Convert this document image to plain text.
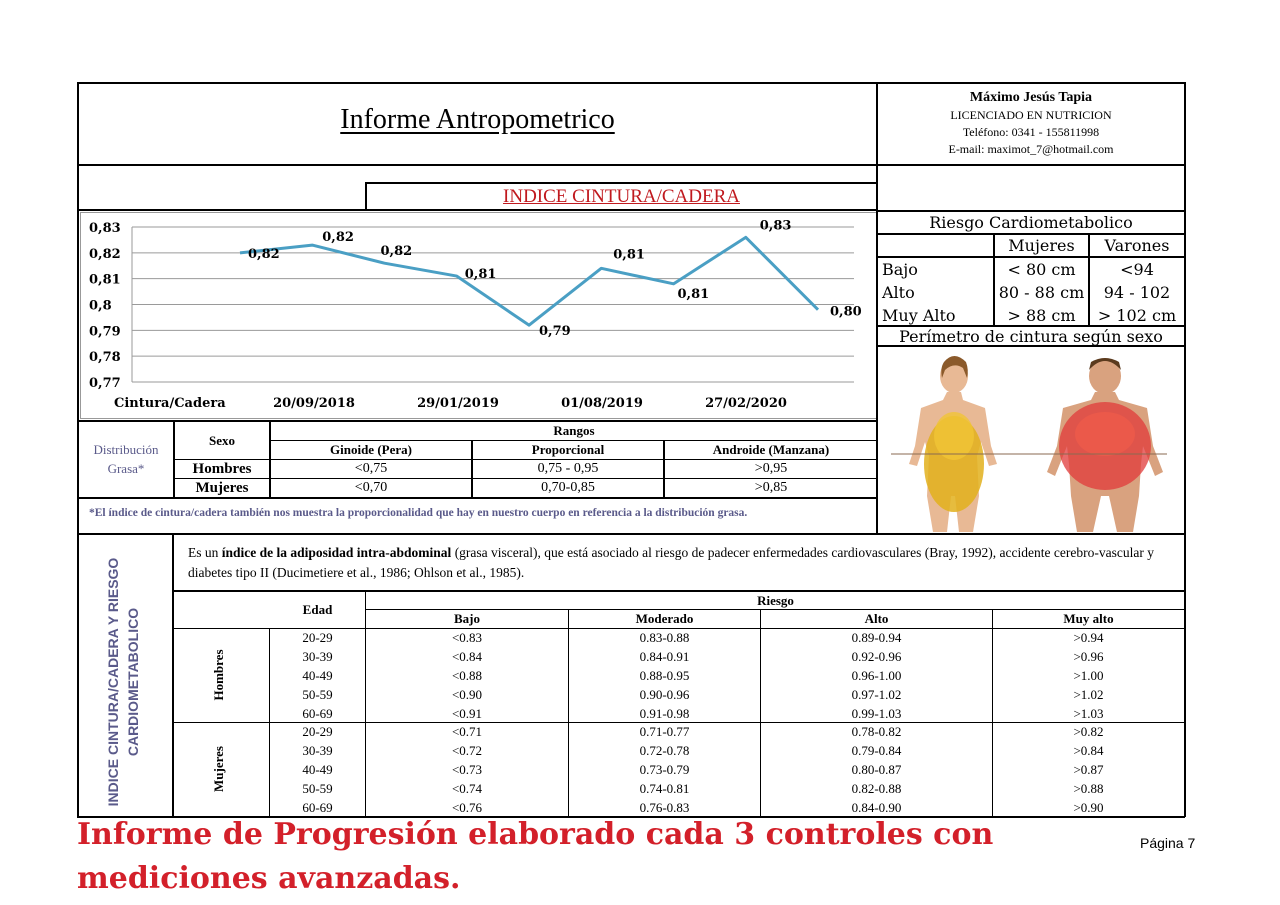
Informe Antropometrico
Máximo Jesús Tapia
LICENCIADO EN NUTRICION
Teléfono: 0341 - 155811998
E-mail: maximot_7@hotmail.com
INDICE CINTURA/CADERA
0,83
0,82
0,81
0,8
0,79
0,78
0,77
Cintura/Cadera	20/09/2018	29/01/2019	01/08/2019	27/02/2020
0,82
0,82
0,82
0,81
0,79
0,81
0,81
0,83
0,80
Riesgo Cardiometabolico
Mujeres	Varones
Bajo	< 80 cm	<94
Alto	80 - 88 cm	94 - 102
Muy Alto	> 88 cm	> 102 cm
Perímetro de cintura según sexo
Distribución
Grasa*
Sexo
Rangos
Ginoide (Pera)	Proporcional	Androide (Manzana)
Hombres	<0,75	0,75 - 0,95	>0,95
Mujeres	<0,70	0,70-0,85	>0,85
*El índice de cintura/cadera también nos muestra la proporcionalidad que hay en nuestro cuerpo en referencia a la distribución grasa.
INDICE CINTURA/CADERA Y RIESGO CARDIOMETABOLICO
Es un índice de la adiposidad intra-abdominal (grasa visceral), que está asociado al riesgo de padecer enfermedades cardiovasculares (Bray, 1992), accidente cerebro-vascular y diabetes tipo II (Ducimetiere et al., 1986; Ohlson et al., 1985).
Edad
Riesgo
Bajo	Moderado	Alto	Muy alto
Hombres
Mujeres
20-29	<0.83	0.83-0.88	0.89-0.94	>0.94
30-39	<0.84	0.84-0.91	0.92-0.96	>0.96
40-49	<0.88	0.88-0.95	0.96-1.00	>1.00
50-59	<0.90	0.90-0.96	0.97-1.02	>1.02
60-69	<0.91	0.91-0.98	0.99-1.03	>1.03
20-29	<0.71	0.71-0.77	0.78-0.82	>0.82
30-39	<0.72	0.72-0.78	0.79-0.84	>0.84
40-49	<0.73	0.73-0.79	0.80-0.87	>0.87
50-59	<0.74	0.74-0.81	0.82-0.88	>0.88
60-69	<0.76	0.76-0.83	0.84-0.90	>0.90
Informe de Progresión elaborado cada 3 controles con mediciones avanzadas.
Página 7
